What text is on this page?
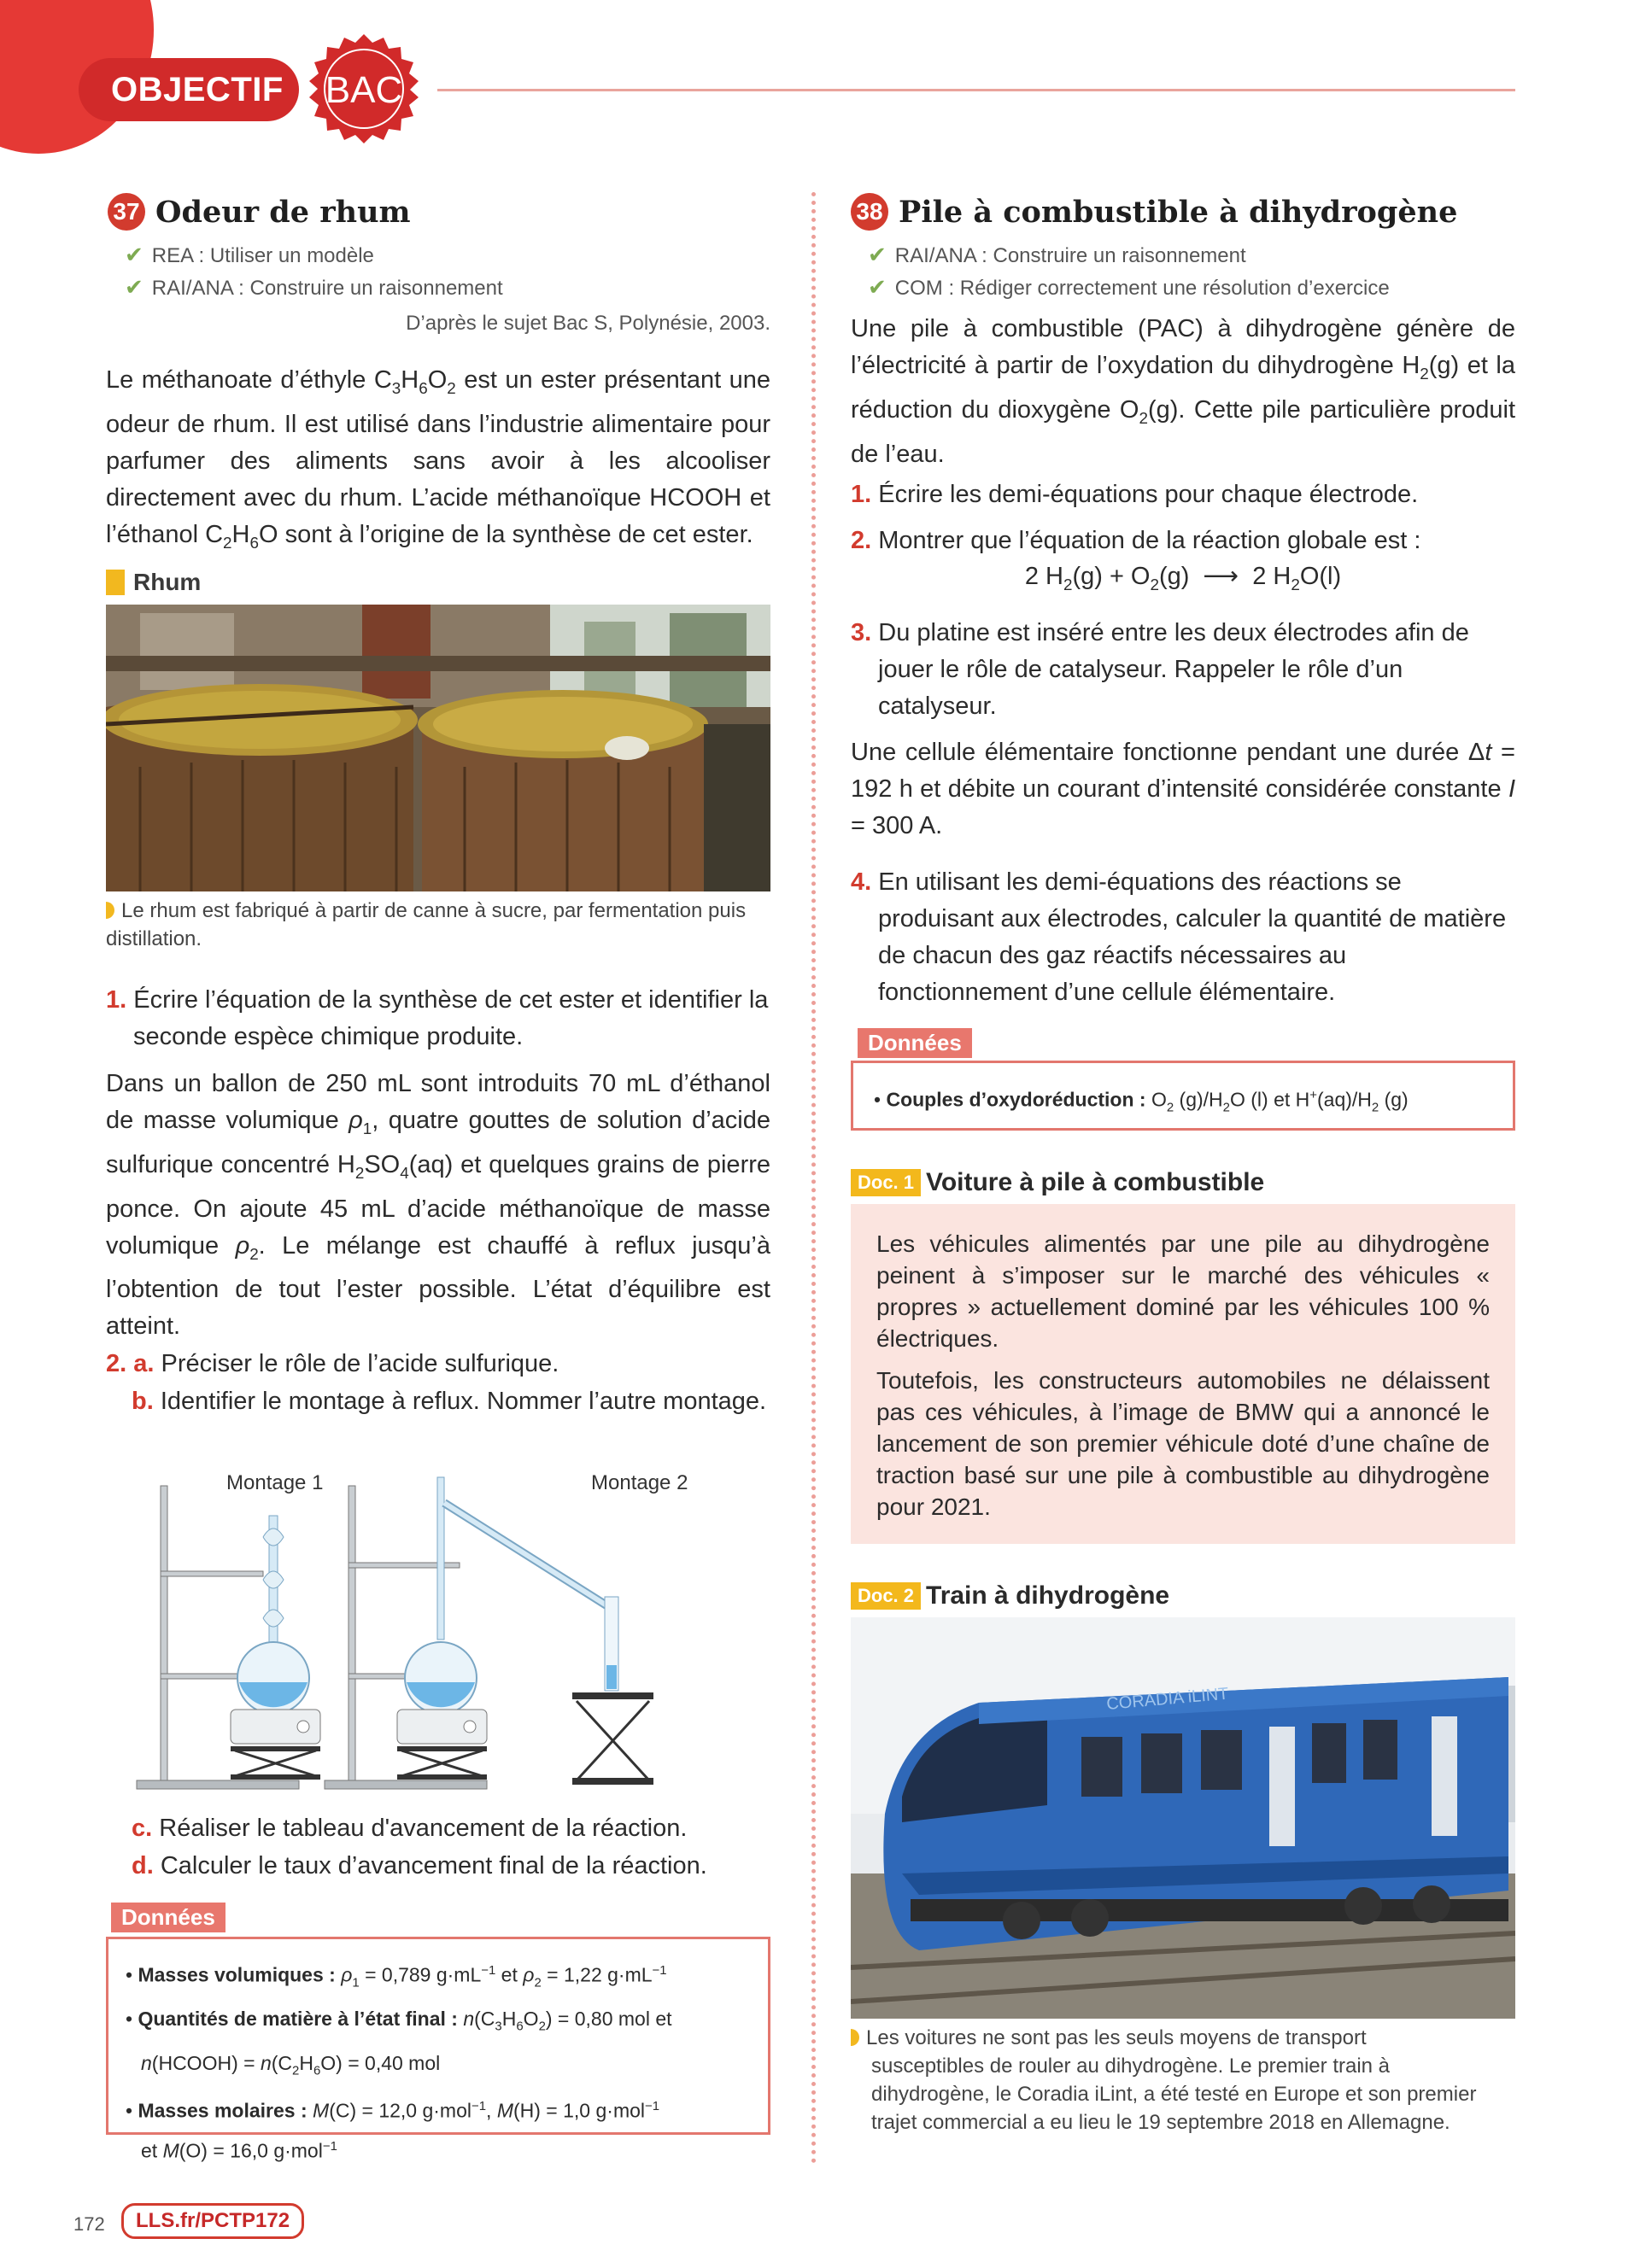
OBJECTIF	BAC
37 Odeur de rhum
✔ REA : Utiliser un modèle
✔ RAI/ANA : Construire un raisonnement
D’après le sujet Bac S, Polynésie, 2003.
Le méthanoate d’éthyle $C_3H_6O_2$ est un ester présentant une odeur de rhum. Il est utilisé dans l’industrie alimentaire pour parfumer des aliments sans avoir à les alcooliser directement avec du rhum. L’acide méthanoïque HCOOH et l’éthanol $C_2H_6O$ sont à l’origine de la synthèse de cet ester.
Rhum
Le rhum est fabriqué à partir de canne à sucre, par fermentation puis distillation.
1. Écrire l’équation de la synthèse de cet ester et identifier la seconde espèce chimique produite.
Dans un ballon de 250 mL sont introduits 70 mL d’éthanol de masse volumique $\rho_1$, quatre gouttes de solution d’acide sulfurique concentré $H_2SO_4(aq)$ et quelques grains de pierre ponce. On ajoute 45 mL d’acide méthanoïque de masse volumique $\rho_2$. Le mélange est chauffé à reflux jusqu’à l’obtention de tout l’ester possible. L’état d’équilibre est atteint.
2. a. Préciser le rôle de l’acide sulfurique.
b. Identifier le montage à reflux. Nommer l’autre montage.
Montage 1	Montage 2
c. Réaliser le tableau d'avancement de la réaction.
d. Calculer le taux d’avancement final de la réaction.
Données
• Masses volumiques : $\rho_1 = 0,789$ $g\cdot mL^{-1}$ et $\rho_2 = 1,22$ $g\cdot mL^{-1}$
• Quantités de matière à l’état final : $n(C_3H_6O_2) = 0,80$ mol et
n(HCOOH) = $n(C_2H_6O) = 0,40$ mol
• Masses molaires : M(C) = 12,0 g·mol$^{-1}$, M(H) = 1,0 g·mol$^{-1}$
et M(O) = 16,0 g·mol$^{-1}$
38 Pile à combustible à dihydrogène
✔ RAI/ANA : Construire un raisonnement
✔ COM : Rédiger correctement une résolution d’exercice
Une pile à combustible (PAC) à dihydrogène génère de l’électricité à partir de l’oxydation du dihydrogène $H_2(g)$ et la réduction du dioxygène $O_2(g)$. Cette pile particulière produit de l’eau.
1. Écrire les demi-équations pour chaque électrode.
2. Montrer que l’équation de la réaction globale est :
2 $H_2(g) + O_2(g)$  ⟶  2 $H_2O(l)$
3. Du platine est inséré entre les deux électrodes afin de jouer le rôle de catalyseur. Rappeler le rôle d’un catalyseur.
Une cellule élémentaire fonctionne pendant une durée Δt = 192 h et débite un courant d’intensité considérée constante I = 300 A.
4. En utilisant les demi-équations des réactions se produisant aux électrodes, calculer la quantité de matière de chacun des gaz réactifs nécessaires au fonctionnement d’une cellule élémentaire.
Données
• Couples d’oxydoréduction : $O_2$ $(g)/H_2O$ (l) et $H^+(aq)/H_2$ (g)
Doc. 1 Voiture à pile à combustible
Les véhicules alimentés par une pile au dihydrogène peinent à s’imposer sur le marché des véhicules « propres » actuellement dominé par les véhicules 100 % électriques.
Toutefois, les constructeurs automobiles ne délaissent pas ces véhicules, à l’image de BMW qui a annoncé le lancement de son premier véhicule doté d’une chaîne de traction basé sur une pile à combustible au dihydrogène pour 2021.
Doc. 2 Train à dihydrogène
CORADIA iLINT
Les voitures ne sont pas les seuls moyens de transport susceptibles de rouler au dihydrogène. Le premier train à dihydrogène, le Coradia iLint, a été testé en Europe et son premier trajet commercial a eu lieu le 19 septembre 2018 en Allemagne.
172	LLS.fr/PCTP172
